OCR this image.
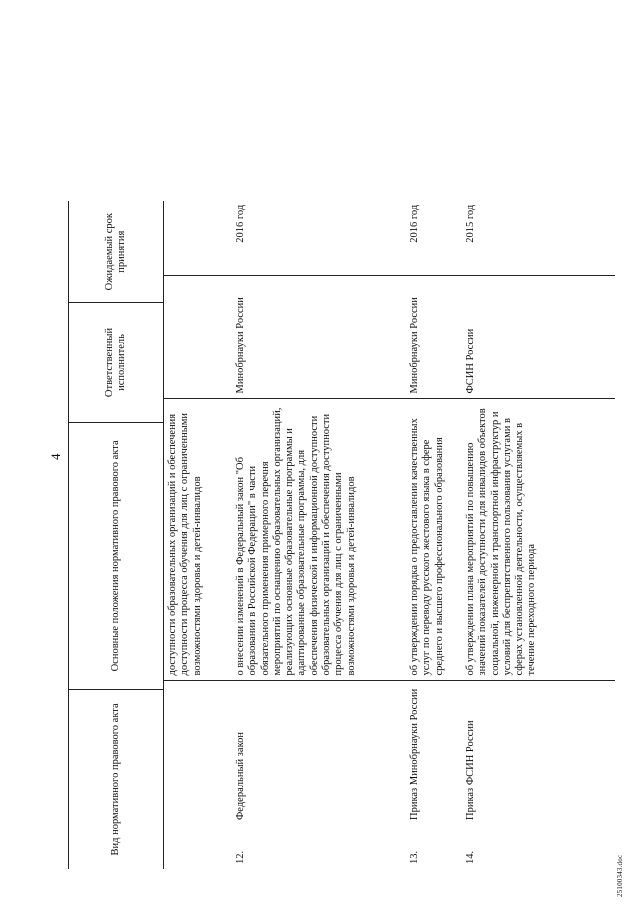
4
·
25100343.doc
Вид нормативного правового акта	Основные положения нормативного правового акта	Ответственный исполнитель	Ожидаемый срок принятия
		доступности образовательных организаций и обеспечения доступности процесса обучения для лиц с ограниченными возможностями здоровья и детей-инвалидов		
12.	Федеральный закон	о внесении изменений в Федеральный закон "Об образовании в Российской Федерации" в части обязательного применения примерного перечня мероприятий по оснащению образовательных организаций, реализующих основные образовательные программы и адаптированные образовательные программы, для обеспечения физической и информационной доступности образовательных организаций и обеспечения доступности процесса обучения для лиц с ограниченными возможностями здоровья и детей-инвалидов	Минобрнауки России	2016 год
13.	Приказ Минобрнауки России	об утверждении порядка о предоставлении качественных услуг по переводу русского жестового языка в сфере среднего и высшего профессионального образования	Минобрнауки России	2016 год
14.	Приказ ФСИН России	об утверждении плана мероприятий по повышению значений показателей доступности для инвалидов объектов социальной, инженерной и транспортной инфраструктур и условий для беспрепятственного пользования услугами в сферах установленной деятельности, осуществляемых в течение переходного периода	ФСИН России	2015 год
